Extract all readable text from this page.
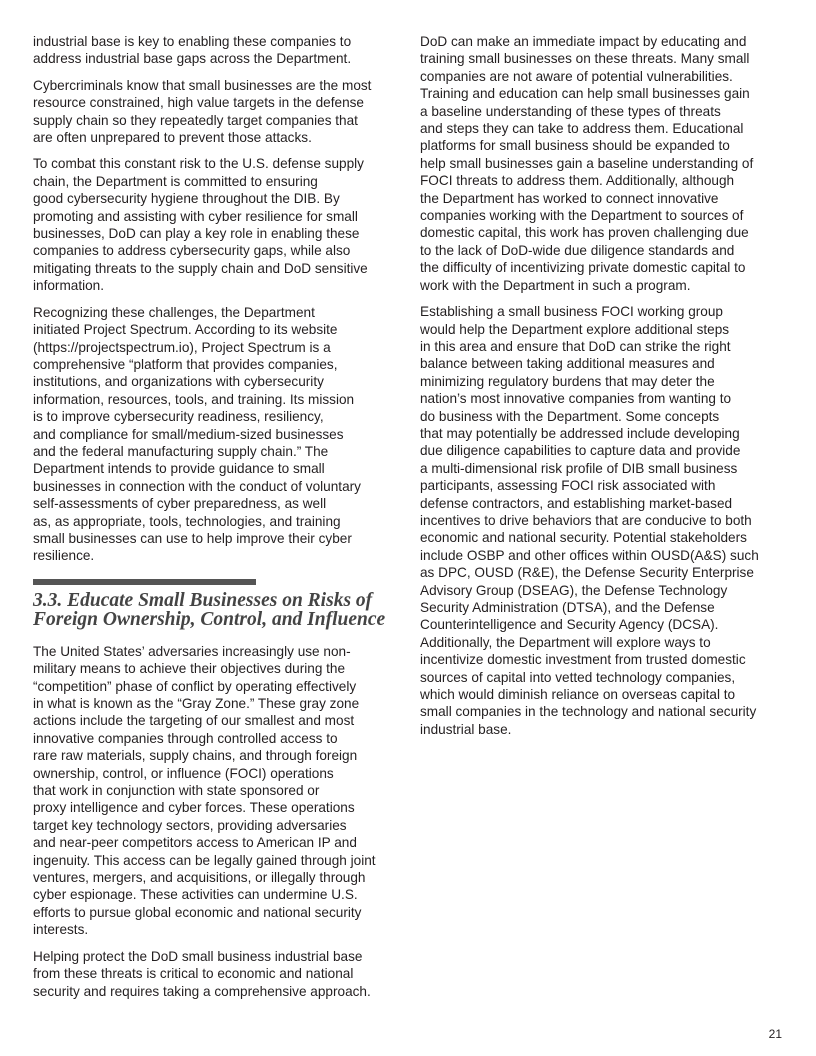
industrial base is key to enabling these companies to
address industrial base gaps across the Department.

Cybercriminals know that small businesses are the most
resource constrained, high value targets in the defense
supply chain so they repeatedly target companies that
are often unprepared to prevent those attacks.

To combat this constant risk to the U.S. defense supply
chain, the Department is committed to ensuring
good cybersecurity hygiene throughout the DIB. By
promoting and assisting with cyber resilience for small
businesses, DoD can play a key role in enabling these
companies to address cybersecurity gaps, while also
mitigating threats to the supply chain and DoD sensitive
information.

Recognizing these challenges, the Department
initiated Project Spectrum. According to its website
(https://projectspectrum.io), Project Spectrum is a
comprehensive “platform that provides companies,
institutions, and organizations with cybersecurity
information, resources, tools, and training. Its mission
is to improve cybersecurity readiness, resiliency,
and compliance for small/medium-sized businesses
and the federal manufacturing supply chain.” The
Department intends to provide guidance to small
businesses in connection with the conduct of voluntary
self-assessments of cyber preparedness, as well
as, as appropriate, tools, technologies, and training
small businesses can use to help improve their cyber
resilience.

3.3. Educate Small Businesses on Risks of
Foreign Ownership, Control, and Influence

The United States’ adversaries increasingly use non-
military means to achieve their objectives during the
“competition” phase of conflict by operating effectively
in what is known as the “Gray Zone.” These gray zone
actions include the targeting of our smallest and most
innovative companies through controlled access to
rare raw materials, supply chains, and through foreign
ownership, control, or influence (FOCI) operations
that work in conjunction with state sponsored or
proxy intelligence and cyber forces. These operations
target key technology sectors, providing adversaries
and near-peer competitors access to American IP and
ingenuity. This access can be legally gained through joint
ventures, mergers, and acquisitions, or illegally through
cyber espionage. These activities can undermine U.S.
efforts to pursue global economic and national security
interests.

Helping protect the DoD small business industrial base
from these threats is critical to economic and national
security and requires taking a comprehensive approach.

DoD can make an immediate impact by educating and
training small businesses on these threats. Many small
companies are not aware of potential vulnerabilities.
Training and education can help small businesses gain
a baseline understanding of these types of threats
and steps they can take to address them. Educational
platforms for small business should be expanded to
help small businesses gain a baseline understanding of
FOCI threats to address them. Additionally, although
the Department has worked to connect innovative
companies working with the Department to sources of
domestic capital, this work has proven challenging due
to the lack of DoD-wide due diligence standards and
the difficulty of incentivizing private domestic capital to
work with the Department in such a program.

Establishing a small business FOCI working group
would help the Department explore additional steps
in this area and ensure that DoD can strike the right
balance between taking additional measures and
minimizing regulatory burdens that may deter the
nation’s most innovative companies from wanting to
do business with the Department. Some concepts
that may potentially be addressed include developing
due diligence capabilities to capture data and provide
a multi-dimensional risk profile of DIB small business
participants, assessing FOCI risk associated with
defense contractors, and establishing market-based
incentives to drive behaviors that are conducive to both
economic and national security. Potential stakeholders
include OSBP and other offices within OUSD(A&S) such
as DPC, OUSD (R&E), the Defense Security Enterprise
Advisory Group (DSEAG), the Defense Technology
Security Administration (DTSA), and the Defense
Counterintelligence and Security Agency (DCSA).
Additionally, the Department will explore ways to
incentivize domestic investment from trusted domestic
sources of capital into vetted technology companies,
which would diminish reliance on overseas capital to
small companies in the technology and national security
industrial base.

21
